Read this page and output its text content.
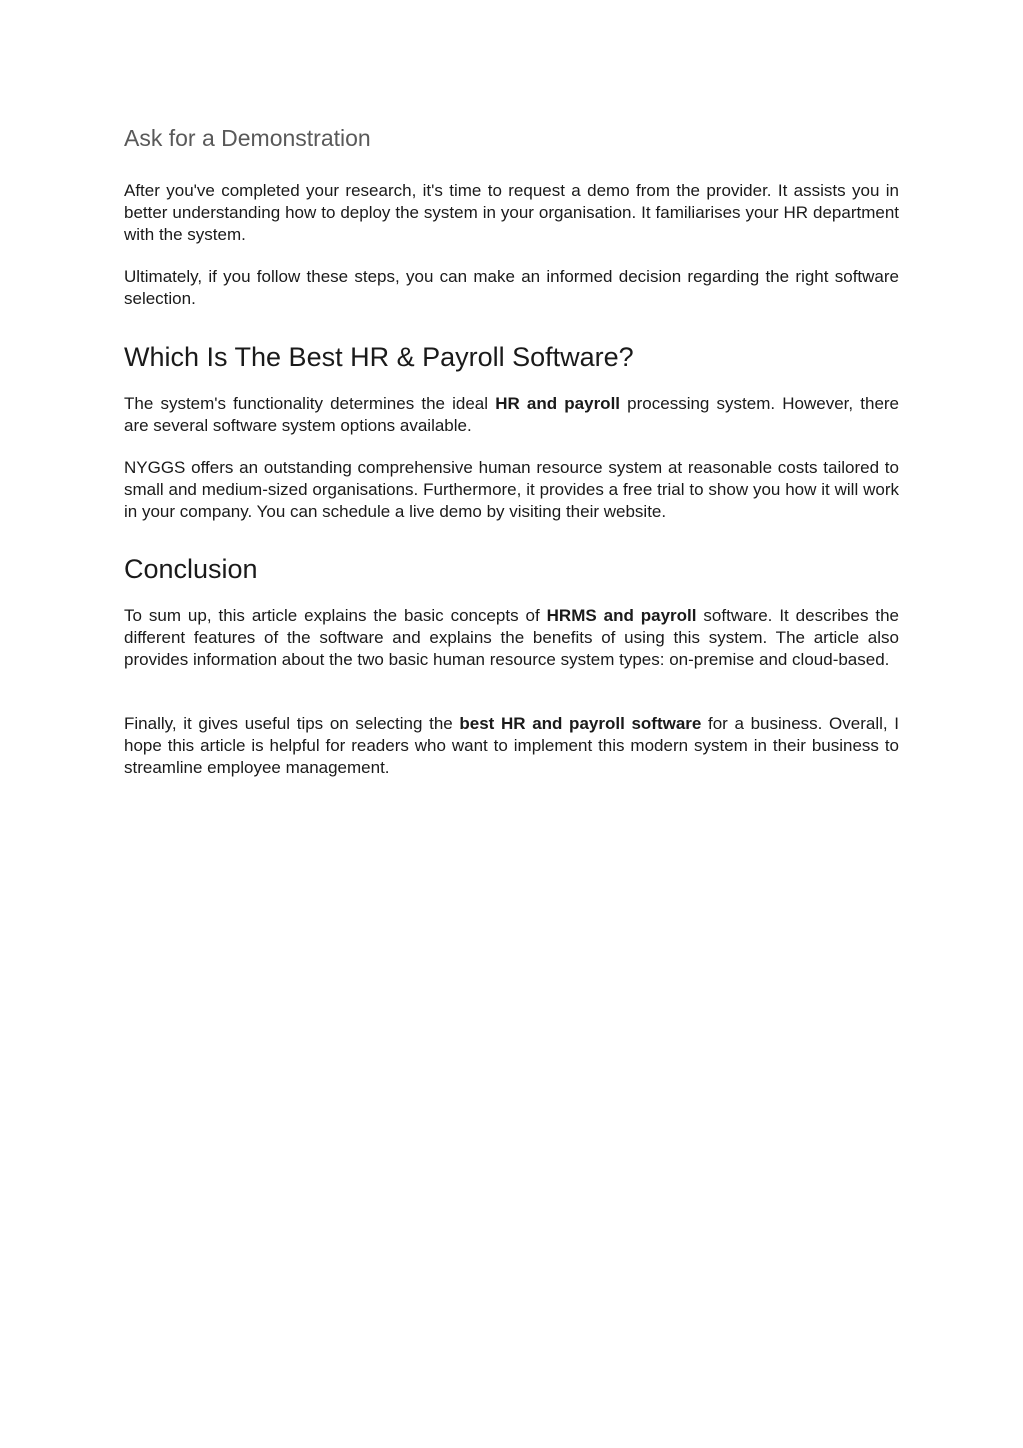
Ask for a Demonstration

After you've completed your research, it's time to request a demo from the provider. It assists you in better understanding how to deploy the system in your organisation. It familiarises your HR department with the system.

Ultimately, if you follow these steps, you can make an informed decision regarding the right software selection.

Which Is The Best HR & Payroll Software?

The system's functionality determines the ideal HR and payroll processing system. However, there are several software system options available.

NYGGS offers an outstanding comprehensive human resource system at reasonable costs tailored to small and medium-sized organisations. Furthermore, it provides a free trial to show you how it will work in your company. You can schedule a live demo by visiting their website.

Conclusion

To sum up, this article explains the basic concepts of HRMS and payroll software. It describes the different features of the software and explains the benefits of using this system. The article also provides information about the two basic human resource system types: on-premise and cloud-based.

Finally, it gives useful tips on selecting the best HR and payroll software for a business. Overall, I hope this article is helpful for readers who want to implement this modern system in their business to streamline employee management.
